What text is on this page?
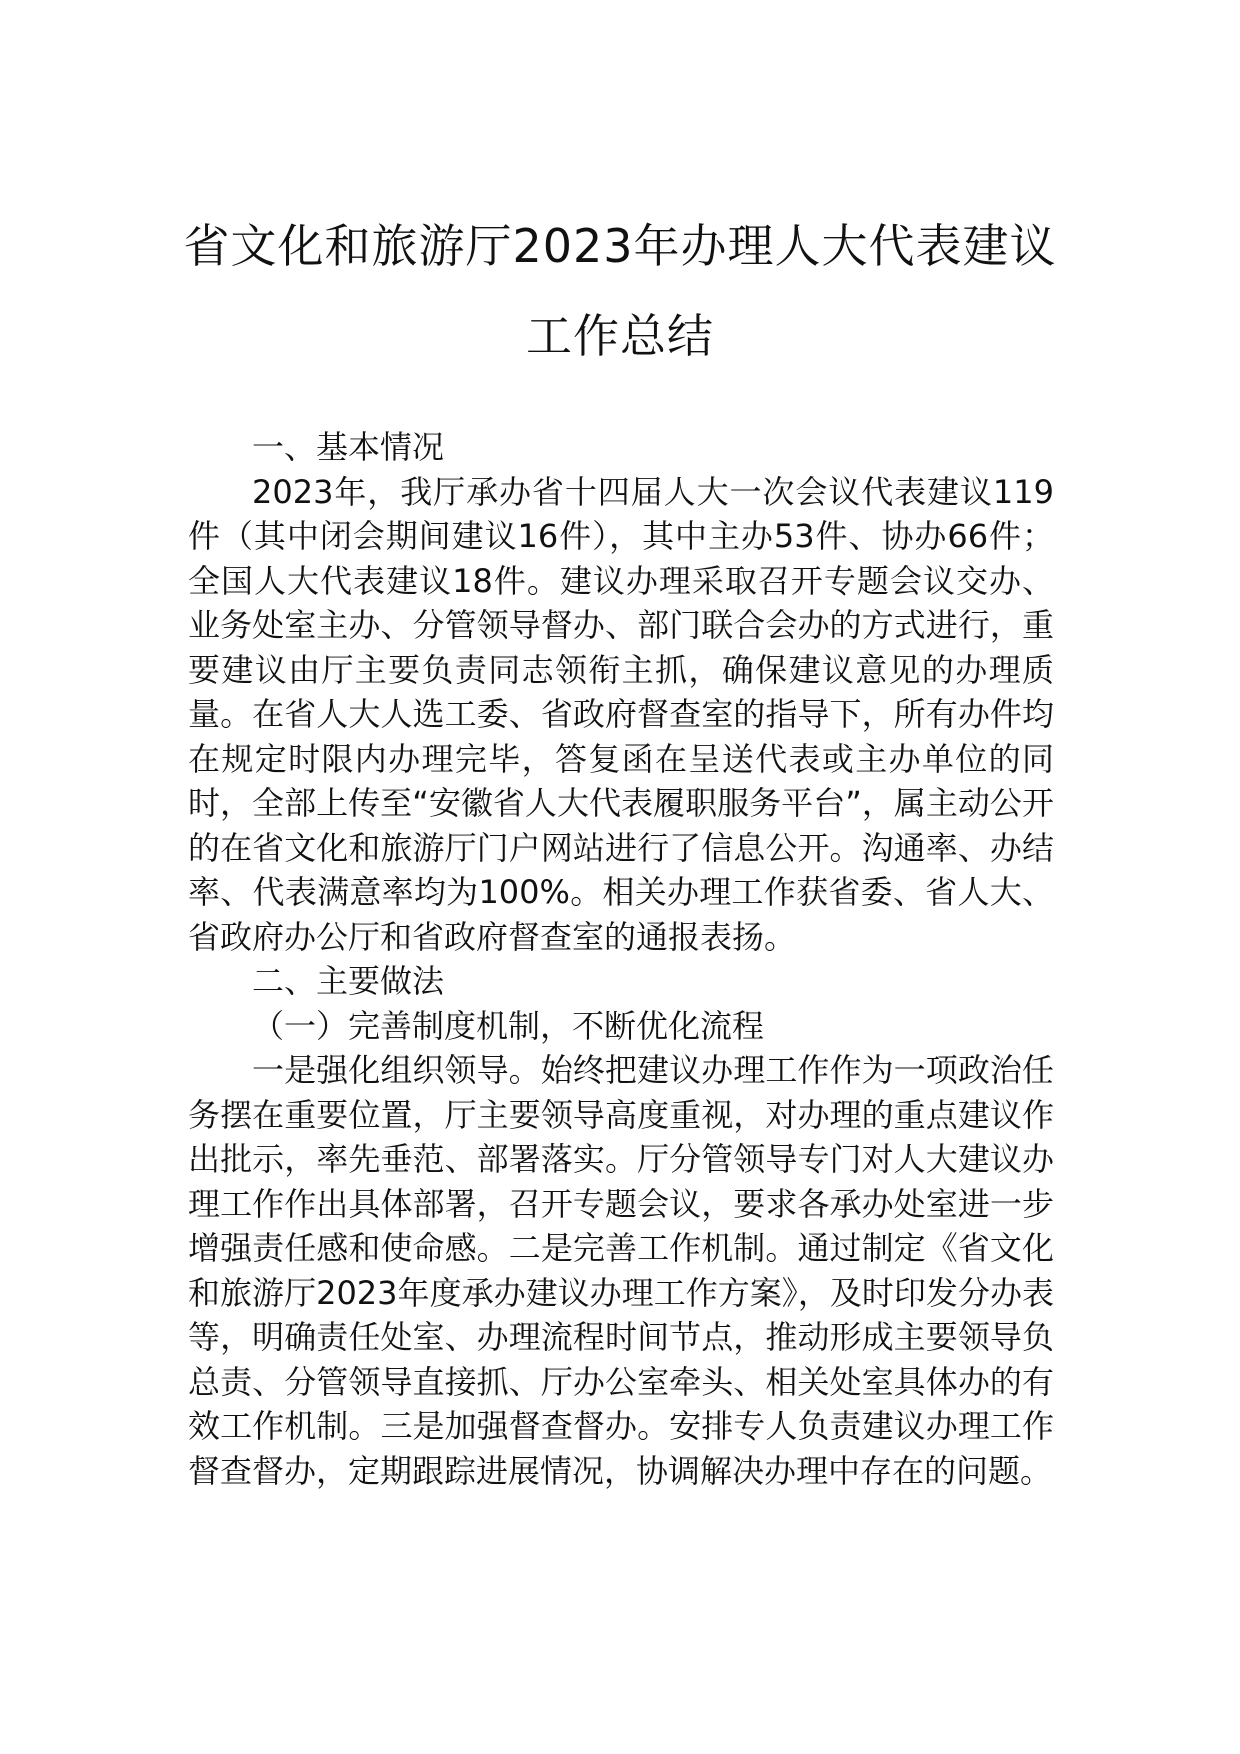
省文化和旅游厅2023年办理人大代表建议
工作总结

一、基本情况

2023年，我厅承办省十四届人大一次会议代表建议119件（其中闭会期间建议16件），其中主办53件、协办66件；全国人大代表建议18件。建议办理采取召开专题会议交办、业务处室主办、分管领导督办、部门联合会办的方式进行，重要建议由厅主要负责同志领衔主抓，确保建议意见的办理质量。在省人大人选工委、省政府督查室的指导下，所有办件均在规定时限内办理完毕，答复函在呈送代表或主办单位的同时，全部上传至“安徽省人大代表履职服务平台”，属主动公开的在省文化和旅游厅门户网站进行了信息公开。沟通率、办结率、代表满意率均为100%。相关办理工作获省委、省人大、省政府办公厅和省政府督查室的通报表扬。

二、主要做法

（一）完善制度机制，不断优化流程

一是强化组织领导。始终把建议办理工作作为一项政治任务摆在重要位置，厅主要领导高度重视，对办理的重点建议作出批示，率先垂范、部署落实。厅分管领导专门对人大建议办理工作作出具体部署，召开专题会议，要求各承办处室进一步增强责任感和使命感。二是完善工作机制。通过制定《省文化和旅游厅2023年度承办建议办理工作方案》，及时印发分办表等，明确责任处室、办理流程时间节点，推动形成主要领导负总责、分管领导直接抓、厅办公室牵头、相关处室具体办的有效工作机制。三是加强督查督办。安排专人负责建议办理工作督查督办，定期跟踪进展情况，协调解决办理中存在的问题。
